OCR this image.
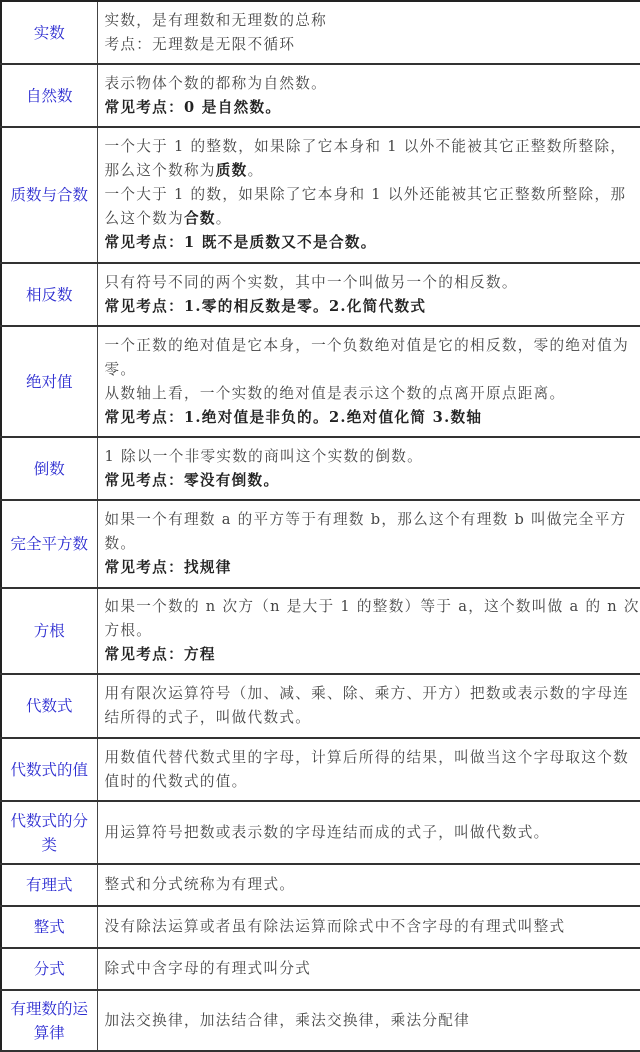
实数	实数，是有理数和无理数的总称

考点：无理数是无限不循环

自然数	表示物体个数的都称为自然数。

常见考点：0 是自然数。

质数与合数	一个大于 1 的整数，如果除了它本身和 1 以外不能被其它正整数所整除，那么这个数称为质数。

一个大于 1 的数，如果除了它本身和 1 以外还能被其它正整数所整除，那么这个数为合数。

常见考点：1 既不是质数又不是合数。

相反数	只有符号不同的两个实数，其中一个叫做另一个的相反数。

常见考点：1.零的相反数是零。2.化简代数式

绝对值	一个正数的绝对值是它本身，一个负数绝对值是它的相反数，零的绝对值为零。

从数轴上看，一个实数的绝对值是表示这个数的点离开原点距离。

常见考点：1.绝对值是非负的。2.绝对值化简 3.数轴

倒数	1 除以一个非零实数的商叫这个实数的倒数。

常见考点：零没有倒数。

完全平方数	如果一个有理数 a 的平方等于有理数 b，那么这个有理数 b 叫做完全平方数。

常见考点：找规律

方根	如果一个数的 n 次方（n 是大于 1 的整数）等于 a，这个数叫做 a 的 n 次方根。

常见考点：方程

代数式	用有限次运算符号（加、减、乘、除、乘方、开方）把数或表示数的字母连结所得的式子，叫做代数式。

代数式的值	用数值代替代数式里的字母，计算后所得的结果，叫做当这个字母取这个数值时的代数式的值。

代数式的分类	用运算符号把数或表示数的字母连结而成的式子，叫做代数式。

有理式	整式和分式统称为有理式。

整式	没有除法运算或者虽有除法运算而除式中不含字母的有理式叫整式

分式	除式中含字母的有理式叫分式

有理数的运算律	加法交换律，加法结合律，乘法交换律，乘法分配律
